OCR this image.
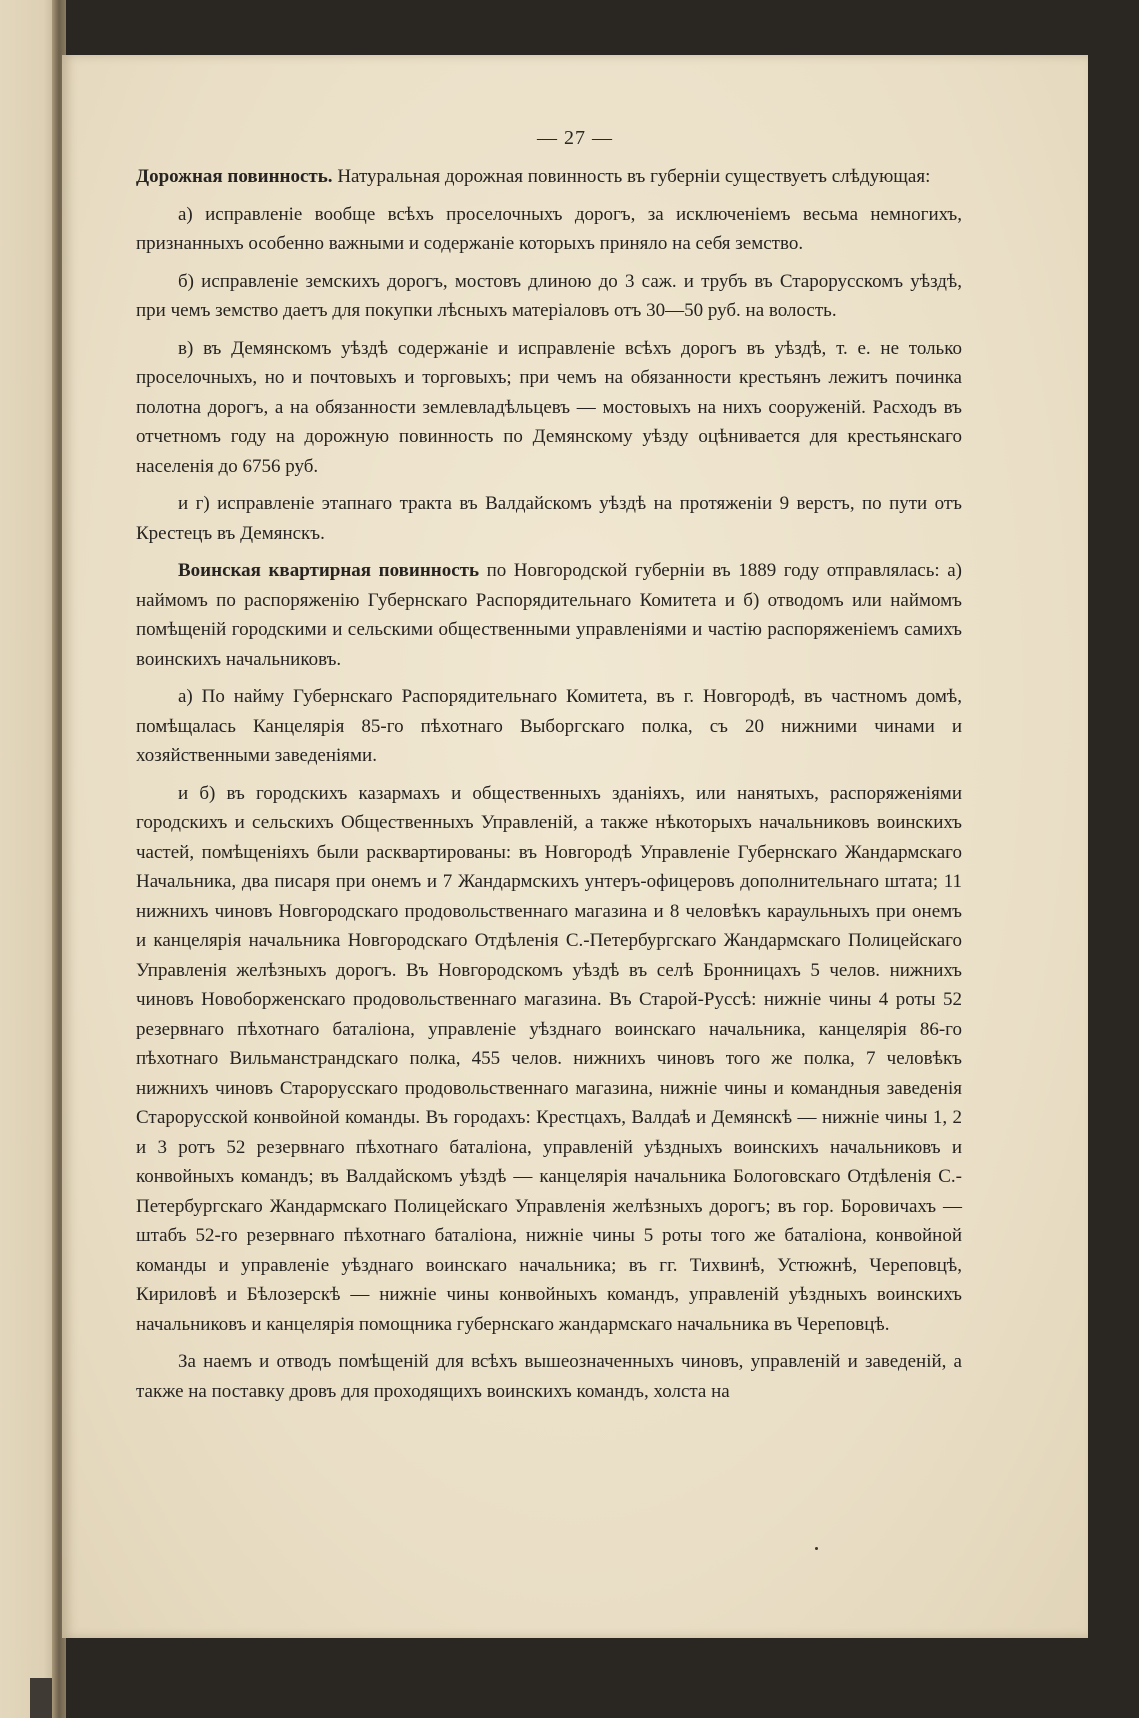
— 27 —

Дорожная повинность. Натуральная дорожная повинность въ губерніи существуетъ слѣдующая:

а) исправленіе вообще всѣхъ проселочныхъ дорогъ, за исключеніемъ весьма немногихъ, признанныхъ особенно важными и содержаніе которыхъ приняло на себя земство.

б) исправленіе земскихъ дорогъ, мостовъ длиною до 3 саж. и трубъ въ Старорусскомъ уѣздѣ, при чемъ земство даетъ для покупки лѣсныхъ матеріаловъ отъ 30—50 руб. на волость.

в) въ Демянскомъ уѣздѣ содержаніе и исправленіе всѣхъ дорогъ въ уѣздѣ, т. е. не только проселочныхъ, но и почтовыхъ и торговыхъ; при чемъ на обязанности крестьянъ лежитъ починка полотна дорогъ, а на обязанности землевладѣльцевъ — мостовыхъ на нихъ сооруженій. Расходъ въ отчетномъ году на дорожную повинность по Демянскому уѣзду оцѣнивается для крестьянскаго населенія до 6756 руб.

и г) исправленіе этапнаго тракта въ Валдайскомъ уѣздѣ на протяженіи 9 верстъ, по пути отъ Крестецъ въ Демянскъ.

Воинская квартирная повинность по Новгородской губерніи въ 1889 году отправлялась: а) наймомъ по распоряженію Губернскаго Распорядительнаго Комитета и б) отводомъ или наймомъ помѣщеній городскими и сельскими общественными управленіями и частію распоряженіемъ самихъ воинскихъ начальниковъ.

а) По найму Губернскаго Распорядительнаго Комитета, въ г. Новгородѣ, въ частномъ домѣ, помѣщалась Канцелярія 85-го пѣхотнаго Выборгскаго полка, съ 20 нижними чинами и хозяйственными заведеніями.

и б) въ городскихъ казармахъ и общественныхъ зданіяхъ, или нанятыхъ, распоряженіями городскихъ и сельскихъ Общественныхъ Управленій, а также нѣкоторыхъ начальниковъ воинскихъ частей, помѣщеніяхъ были расквартированы: въ Новгородѣ Управленіе Губернскаго Жандармскаго Начальника, два писаря при онемъ и 7 Жандармскихъ унтеръ-офицеровъ дополнительнаго штата; 11 нижнихъ чиновъ Новгородскаго продовольственнаго магазина и 8 человѣкъ караульныхъ при онемъ и канцелярія начальника Новгородскаго Отдѣленія С.-Петербургскаго Жандармскаго Полицейскаго Управленія желѣзныхъ дорогъ. Въ Новгородскомъ уѣздѣ въ селѣ Бронницахъ 5 челов. нижнихъ чиновъ Новоборженскаго продовольственнаго магазина. Въ Старой-Руссѣ: нижніе чины 4 роты 52 резервнаго пѣхотнаго баталіона, управленіе уѣзднаго воинскаго начальника, канцелярія 86-го пѣхотнаго Вильманстрандскаго полка, 455 челов. нижнихъ чиновъ того же полка, 7 человѣкъ нижнихъ чиновъ Старорусскаго продовольственнаго магазина, нижніе чины и командныя заведенія Старорусской конвойной команды. Въ городахъ: Крестцахъ, Валдаѣ и Демянскѣ — нижніе чины 1, 2 и 3 ротъ 52 резервнаго пѣхотнаго баталіона, управленій уѣздныхъ воинскихъ начальниковъ и конвойныхъ командъ; въ Валдайскомъ уѣздѣ — канцелярія начальника Бологовскаго Отдѣленія С.-Петербургскаго Жандармскаго Полицейскаго Управленія желѣзныхъ дорогъ; въ гор. Боровичахъ — штабъ 52-го резервнаго пѣхотнаго баталіона, нижніе чины 5 роты того же баталіона, конвойной команды и управленіе уѣзднаго воинскаго начальника; въ гг. Тихвинѣ, Устюжнѣ, Череповцѣ, Кириловѣ и Бѣлозерскѣ — нижніе чины конвойныхъ командъ, управленій уѣздныхъ воинскихъ начальниковъ и канцелярія помощника губернскаго жандармскаго начальника въ Череповцѣ.

За наемъ и отводъ помѣщеній для всѣхъ вышеозначенныхъ чиновъ, управленій и заведеній, а также на поставку дровъ для проходящихъ воинскихъ командъ, холста на
